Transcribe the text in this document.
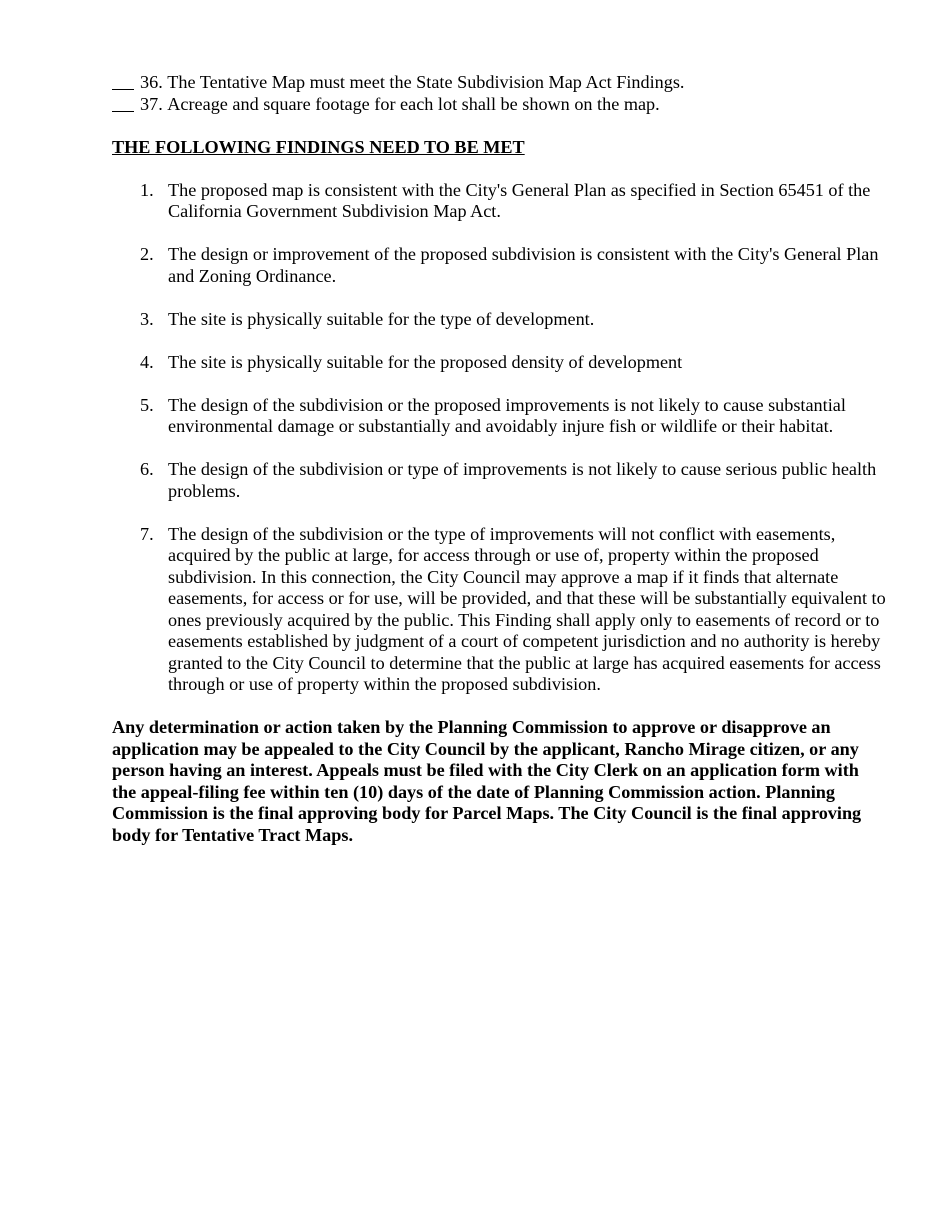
36.
The Tentative Map must meet the State Subdivision Map Act Findings.
37.
Acreage and square footage for each lot shall be shown on the map.
THE FOLLOWING FINDINGS NEED TO BE MET
1. The proposed map is consistent with the City's General Plan as specified in Section 65451 of the California Government Subdivision Map Act.
2. The design or improvement of the proposed subdivision is consistent with the City's General Plan and Zoning Ordinance.
3. The site is physically suitable for the type of development.
4. The site is physically suitable for the proposed density of development
5. The design of the subdivision or the proposed improvements is not likely to cause substantial environmental damage or substantially and avoidably injure fish or wildlife or their habitat.
6. The design of the subdivision or type of improvements is not likely to cause serious public health problems.
7. The design of the subdivision or the type of improvements will not conflict with easements, acquired by the public at large, for access through or use of, property within the proposed subdivision. In this connection, the City Council may approve a map if it finds that alternate easements, for access or for use, will be provided, and that these will be substantially equivalent to ones previously acquired by the public. This Finding shall apply only to easements of record or to easements established by judgment of a court of competent jurisdiction and no authority is hereby granted to the City Council to determine that the public at large has acquired easements for access through or use of property within the proposed subdivision.
Any determination or action taken by the Planning Commission to approve or disapprove an application may be appealed to the City Council by the applicant, Rancho Mirage citizen, or any person having an interest. Appeals must be filed with the City Clerk on an application form with the appeal-filing fee within ten (10) days of the date of Planning Commission action. Planning Commission is the final approving body for Parcel Maps. The City Council is the final approving body for Tentative Tract Maps.
